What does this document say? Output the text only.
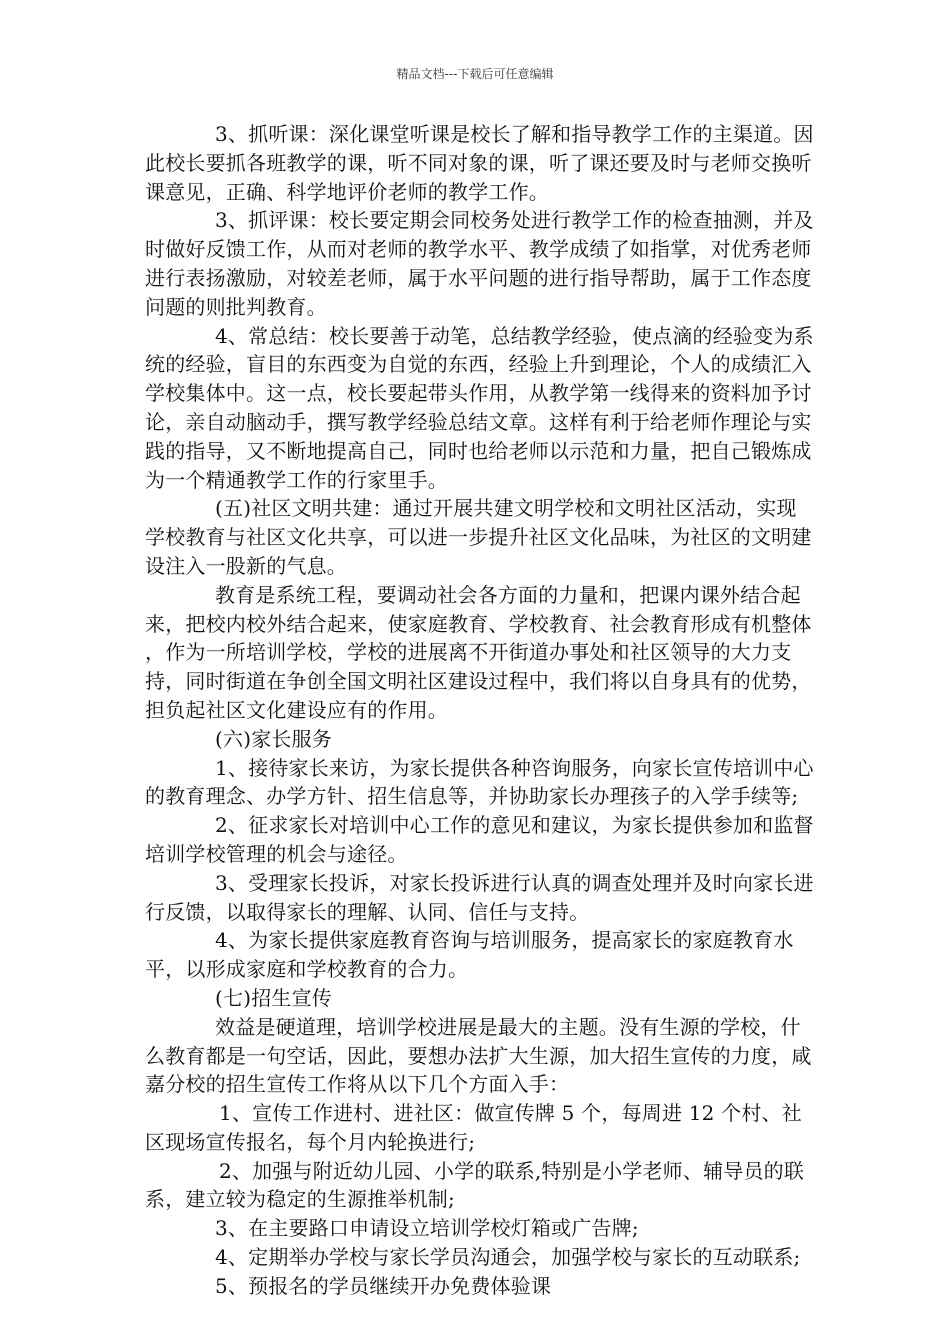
精品文档---下载后可任意编辑

3、抓听课：深化课堂听课是校长了解和指导教学工作的主渠道。因此校长要抓各班教学的课，听不同对象的课，听了课还要及时与老师交换听课意见，正确、科学地评价老师的教学工作。

3、抓评课：校长要定期会同校务处进行教学工作的检查抽测，并及时做好反馈工作，从而对老师的教学水平、教学成绩了如指掌，对优秀老师进行表扬激励，对较差老师，属于水平问题的进行指导帮助，属于工作态度问题的则批判教育。

4、常总结：校长要善于动笔，总结教学经验，使点滴的经验变为系统的经验，盲目的东西变为自觉的东西，经验上升到理论，个人的成绩汇入学校集体中。这一点，校长要起带头作用，从教学第一线得来的资料加予讨论，亲自动脑动手，撰写教学经验总结文章。这样有利于给老师作理论与实践的指导，又不断地提高自己，同时也给老师以示范和力量，把自己锻炼成为一个精通教学工作的行家里手。

(五)社区文明共建：通过开展共建文明学校和文明社区活动，实现学校教育与社区文化共享，可以进一步提升社区文化品味，为社区的文明建设注入一股新的气息。

教育是系统工程，要调动社会各方面的力量和，把课内课外结合起来，把校内校外结合起来，使家庭教育、学校教育、社会教育形成有机整体 ，作为一所培训学校，学校的进展离不开街道办事处和社区领导的大力支持，同时街道在争创全国文明社区建设过程中，我们将以自身具有的优势，担负起社区文化建设应有的作用。

(六)家长服务

1、接待家长来访，为家长提供各种咨询服务，向家长宣传培训中心的教育理念、办学方针、招生信息等，并协助家长办理孩子的入学手续等;

2、征求家长对培训中心工作的意见和建议，为家长提供参加和监督培训学校管理的机会与途径。

3、受理家长投诉，对家长投诉进行认真的调查处理并及时向家长进行反馈，以取得家长的理解、认同、信任与支持。

4、为家长提供家庭教育咨询与培训服务，提高家长的家庭教育水平，以形成家庭和学校教育的合力。

(七)招生宣传

效益是硬道理，培训学校进展是最大的主题。没有生源的学校，什么教育都是一句空话，因此，要想办法扩大生源，加大招生宣传的力度，咸嘉分校的招生宣传工作将从以下几个方面入手：

1、宣传工作进村、进社区：做宣传牌 5 个，每周进 12 个村、社区现场宣传报名，每个月内轮换进行;

2、加强与附近幼儿园、小学的联系,特别是小学老师、辅导员的联系，建立较为稳定的生源推举机制;

3、在主要路口申请设立培训学校灯箱或广告牌;

4、定期举办学校与家长学员沟通会，加强学校与家长的互动联系;

5、预报名的学员继续开办免费体验课
